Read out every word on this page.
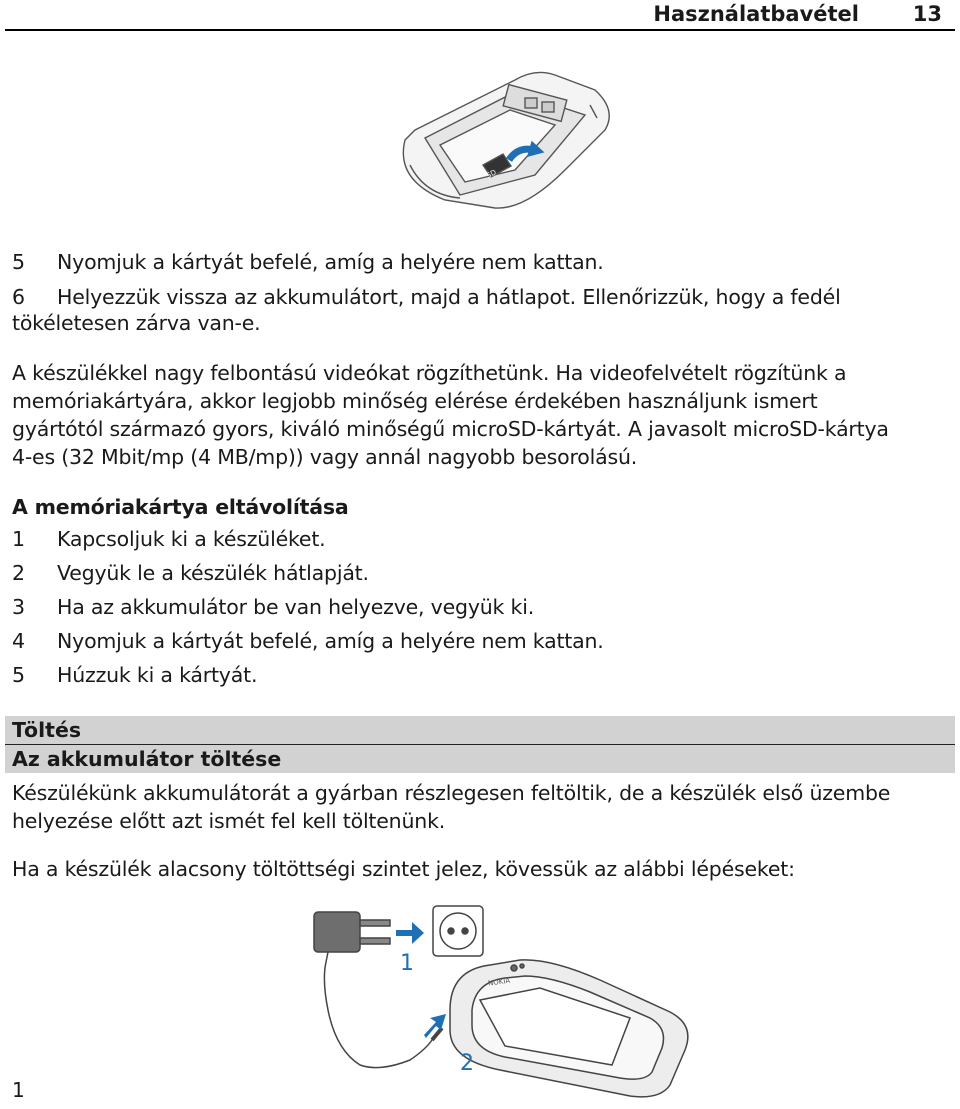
Használatbavétel	13
SD
5 Nyomjuk a kártyát befelé, amíg a helyére nem kattan.
6 Helyezzük vissza az akkumulátort, majd a hátlapot. Ellenőrizzük, hogy a fedél
tökéletesen zárva van-e.
A készülékkel nagy felbontású videókat rögzíthetünk. Ha videofelvételt rögzítünk a
memóriakártyára, akkor legjobb minőség elérése érdekében használjunk ismert
gyártótól származó gyors, kiváló minőségű microSD-kártyát. A javasolt microSD-kártya
4-es (32 Mbit/mp (4 MB/mp)) vagy annál nagyobb besorolású.
A memóriakártya eltávolítása
1 Kapcsoljuk ki a készüléket.
2 Vegyük le a készülék hátlapját.
3 Ha az akkumulátor be van helyezve, vegyük ki.
4 Nyomjuk a kártyát befelé, amíg a helyére nem kattan.
5 Húzzuk ki a kártyát.
Töltés
Az akkumulátor töltése
Készülékünk akkumulátorát a gyárban részlegesen feltöltik, de a készülék első üzembe
helyezése előtt azt ismét fel kell töltenünk.
Ha a készülék alacsony töltöttségi szintet jelez, kövessük az alábbi lépéseket:
1
2
NOKIA
1
